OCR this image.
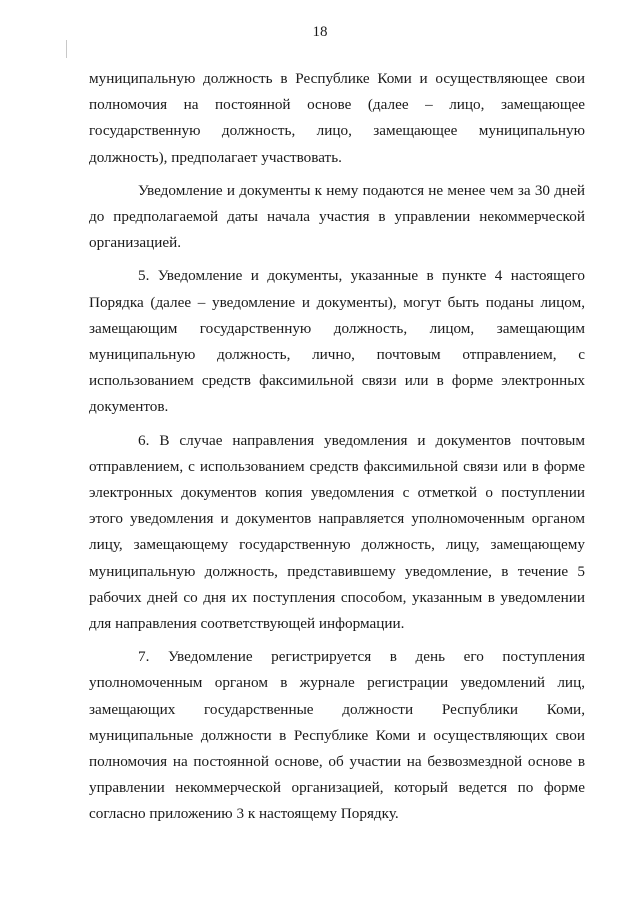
18

муниципальную должность в Республике Коми и осуществляющее свои полномочия на постоянной основе (далее – лицо, замещающее государственную должность, лицо, замещающее муниципальную должность), предполагает участвовать.

Уведомление и документы к нему подаются не менее чем за 30 дней до предполагаемой даты начала участия в управлении некоммерческой организацией.

5. Уведомление и документы, указанные в пункте 4 настоящего Порядка (далее – уведомление и документы), могут быть поданы лицом, замещающим государственную должность, лицом, замещающим муниципальную должность, лично, почтовым отправлением, с использованием средств факсимильной связи или в форме электронных документов.

6. В случае направления уведомления и документов почтовым отправлением, с использованием средств факсимильной связи или в форме электронных документов копия уведомления с отметкой о поступлении этого уведомления и документов направляется уполномоченным органом лицу, замещающему государственную должность, лицу, замещающему муниципальную должность, представившему уведомление, в течение 5 рабочих дней со дня их поступления способом, указанным в уведомлении для направления соответствующей информации.

7. Уведомление регистрируется в день его поступления уполномоченным органом в журнале регистрации уведомлений лиц, замещающих государственные должности Республики Коми, муниципальные должности в Республике Коми и осуществляющих свои полномочия на постоянной основе, об участии на безвозмездной основе в управлении некоммерческой организацией, который ведется по форме согласно приложению 3 к настоящему Порядку.
